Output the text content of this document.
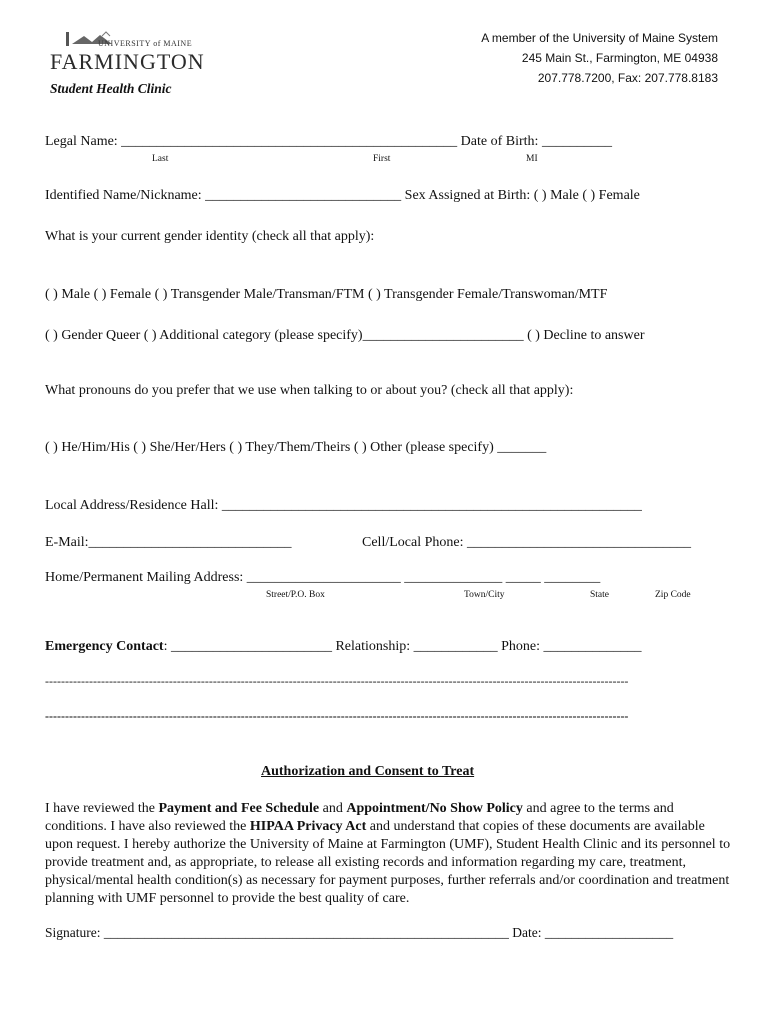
UNIVERSITY of MAINE
FARMINGTON
Student Health Clinic
A member of the University of Maine System
245 Main St., Farmington, ME 04938
207.778.7200, Fax: 207.778.8183
Legal Name: ________________________________________________ Date of Birth: __________
Last	First	MI
Identified Name/Nickname: ____________________________ Sex Assigned at Birth: ( ) Male ( ) Female
What is your current gender identity (check all that apply):
( ) Male ( ) Female ( ) Transgender Male/Transman/FTM ( ) Transgender Female/Transwoman/MTF
( ) Gender Queer ( ) Additional category (please specify)_______________________ ( ) Decline to answer
What pronouns do you prefer that we use when talking to or about you? (check all that apply):
( ) He/Him/His ( ) She/Her/Hers ( ) They/Them/Theirs ( ) Other (please specify) _______
Local Address/Residence Hall: ____________________________________________________________
E-Mail:_____________________________	Cell/Local Phone: ________________________________
Home/Permanent Mailing Address: ______________________ ______________ _____ ________
Street/P.O. Box	Town/City	State	Zip Code
Emergency Contact: _______________________ Relationship: ____________ Phone: ______________
--------------------------------------------------------------------------------------------------------------------------------------------------
--------------------------------------------------------------------------------------------------------------------------------------------------
Authorization and Consent to Treat
I have reviewed the Payment and Fee Schedule and Appointment/No Show Policy and agree to the terms and conditions. I have also reviewed the HIPAA Privacy Act and understand that copies of these documents are available upon request. I hereby authorize the University of Maine at Farmington (UMF), Student Health Clinic and its personnel to provide treatment and, as appropriate, to release all existing records and information regarding my care, treatment, physical/mental health condition(s) as necessary for payment purposes, further referrals and/or coordination and treatment planning with UMF personnel to provide the best quality of care.
Signature: ____________________________________________________________ Date: ___________________
